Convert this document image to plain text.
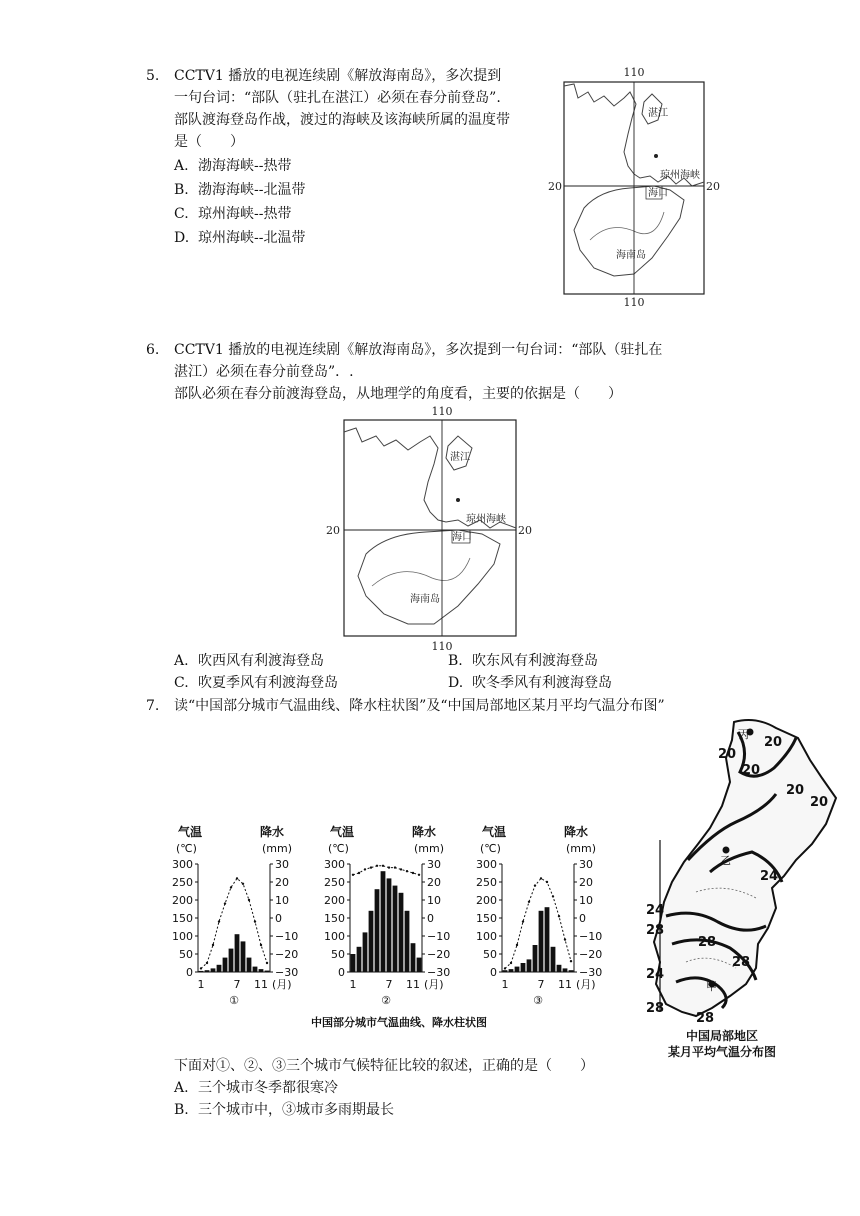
5. CCTV1 播放的电视连续剧《解放海南岛》，多次提到
一句台词：“部队（驻扎在湛江）必须在春分前登岛”.
部队渡海登岛作战，渡过的海峡及该海峡所属的温度带
是（　　）
A. 渤海海峡--热带
B. 渤海海峡--北温带
C. 琼州海峡--热带
D. 琼州海峡--北温带
110
20	20
湛江
琼州海峡
海口
海南岛
110
6. CCTV1 播放的电视连续剧《解放海南岛》，多次提到一句台词：“部队（驻扎在
湛江）必须在春分前登岛”．.
部队必须在春分前渡海登岛，从地理学的角度看，主要的依据是（　　）
110
20	20
湛江
琼州海峡
海口
海南岛
110
A. 吹西风有利渡海登岛	B. 吹东风有利渡海登岛
C. 吹夏季风有利渡海登岛	D. 吹冬季风有利渡海登岛
7. 读“中国部分城市气温曲线、降水柱状图”及“中国局部地区某月平均气温分布图”
中国部分城市气温曲线、降水柱状图
气温
(℃)
降水
(mm)
300
250
200
150
100
50
0
30
20
10
0
−10
−20
−30
1	7 11 (月)
①
气温
(℃)
降水
(mm)
300
250
200
150
100
50
0
30
20
10
0
−10
−20
−30
1	7 11 (月)
②
气温
(℃)
降水
(mm)
300
250
200
150
100
50
0
30
20
10
0
−10
−20
−30
1	7 11 (月)
③
丙
乙
甲
20
20
20
20
20
24
24
28
28
28
24
28
28
中国局部地区
某月平均气温分布图
下面对①、②、③三个城市气候特征比较的叙述，正确的是（　　）
A. 三个城市冬季都很寒冷
B. 三个城市中，③城市多雨期最长
